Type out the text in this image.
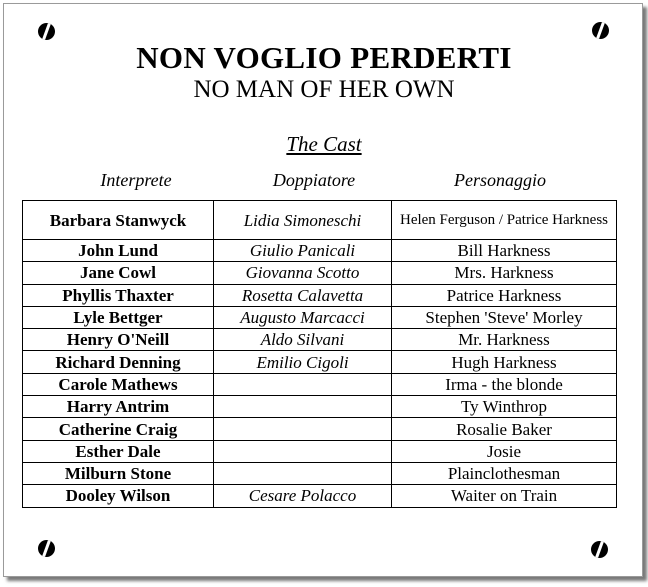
NON VOGLIO PERDERTI
NO MAN OF HER OWN
The Cast
Interprete	Doppiatore	Personaggio
Barbara Stanwyck	Lidia Simoneschi	Helen Ferguson / Patrice Harkness
John Lund	Giulio Panicali	Bill Harkness
Jane Cowl	Giovanna Scotto	Mrs. Harkness
Phyllis Thaxter	Rosetta Calavetta	Patrice Harkness
Lyle Bettger	Augusto Marcacci	Stephen 'Steve' Morley
Henry O'Neill	Aldo Silvani	Mr. Harkness
Richard Denning	Emilio Cigoli	Hugh Harkness
Carole Mathews		Irma - the blonde
Harry Antrim		Ty Winthrop
Catherine Craig		Rosalie Baker
Esther Dale		Josie
Milburn Stone		Plainclothesman
Dooley Wilson	Cesare Polacco	Waiter on Train
